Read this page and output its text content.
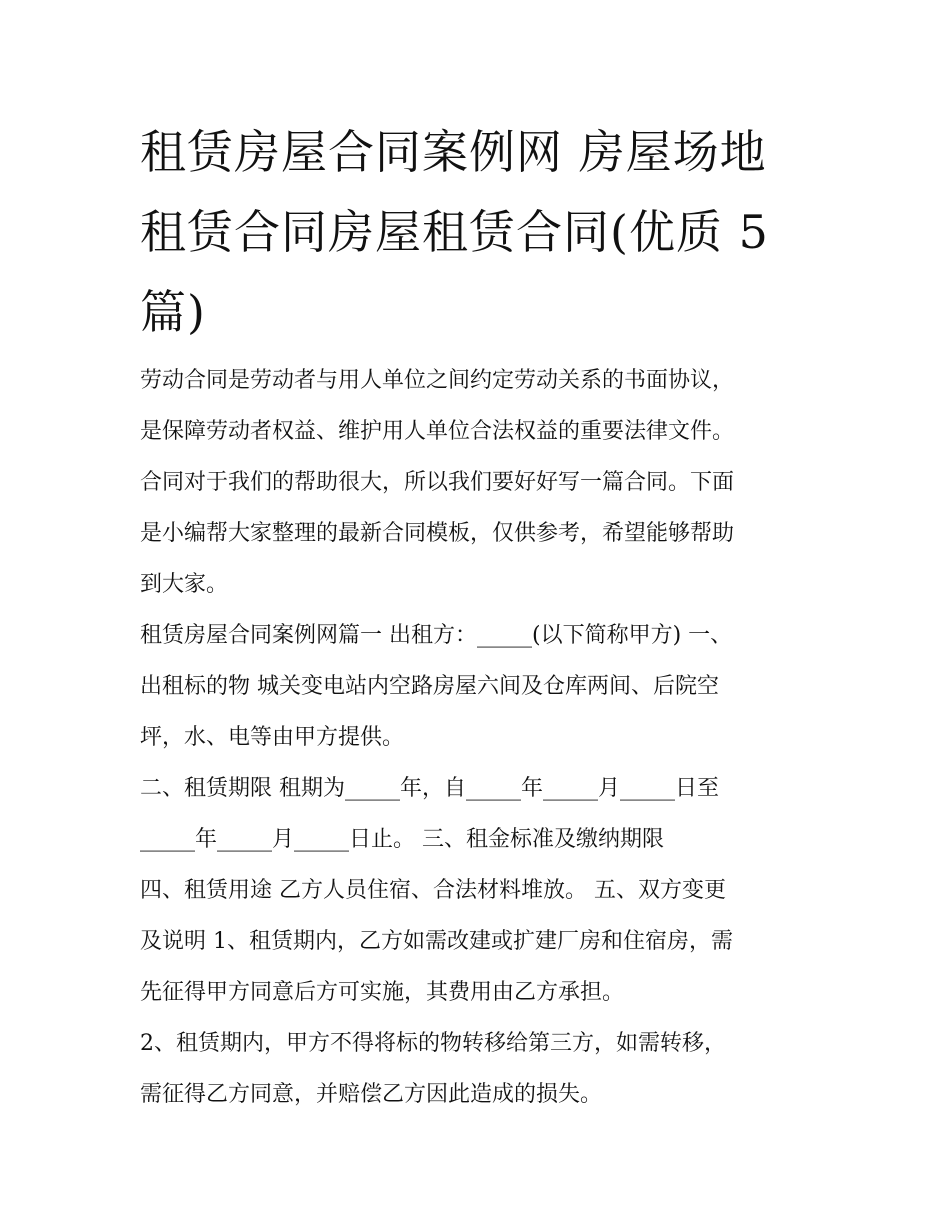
租赁房屋合同案例网 房屋场地
租赁合同房屋租赁合同(优质 5
篇)

劳动合同是劳动者与用人单位之间约定劳动关系的书面协议，
是保障劳动者权益、维护用人单位合法权益的重要法律文件。
合同对于我们的帮助很大，所以我们要好好写一篇合同。下面
是小编帮大家整理的最新合同模板，仅供参考，希望能够帮助
到大家。

租赁房屋合同案例网篇一 出租方：_____(以下简称甲方) 一、
出租标的物 城关变电站内空路房屋六间及仓库两间、后院空
坪，水、电等由甲方提供。

二、租赁期限 租期为_____年，自_____年_____月_____日至
_____年_____月_____日止。 三、租金标准及缴纳期限

四、租赁用途 乙方人员住宿、合法材料堆放。 五、双方变更
及说明 1、租赁期内，乙方如需改建或扩建厂房和住宿房，需
先征得甲方同意后方可实施，其费用由乙方承担。

2、租赁期内，甲方不得将标的物转移给第三方，如需转移，
需征得乙方同意，并赔偿乙方因此造成的损失。
